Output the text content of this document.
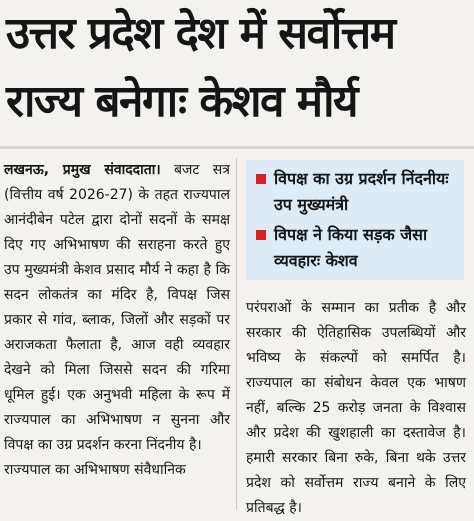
उत्तर प्रदेश देश में सर्वोत्तम
राज्य बनेगाः केशव मौर्य
लखनऊ, प्रमुख संवाददाता। बजट सत्र (वित्तीय वर्ष 2026-27) के तहत राज्यपाल आनंदीबेन पटेल द्वारा दोनों सदनों के समक्ष दिए गए अभिभाषण की सराहना करते हुए उप मुख्यमंत्री केशव प्रसाद मौर्य ने कहा है कि सदन लोकतंत्र का मंदिर है, विपक्ष जिस प्रकार से गांव, ब्लाक, जिलों और सड़कों पर अराजकता फैलाता है, आज वही व्यवहार देखने को मिला जिससे सदन की गरिमा धूमिल हुई। एक अनुभवी महिला के रूप में राज्यपाल का अभिभाषण न सुनना और विपक्ष का उग्र प्रदर्शन करना निंदनीय है।
राज्यपाल का अभिभाषण संवैधानिक
विपक्ष का उग्र प्रदर्शन निंदनीयः उप मुख्यमंत्री
विपक्ष ने किया सड़क जैसा व्यवहारः केशव
परंपराओं के सम्मान का प्रतीक है और सरकार की ऐतिहासिक उपलब्धियों और भविष्य के संकल्पों को समर्पित है। राज्यपाल का संबोधन केवल एक भाषण नहीं, बल्कि 25 करोड़ जनता के विश्वास और प्रदेश की खुशहाली का दस्तावेज है। हमारी सरकार बिना रुके, बिना थके उत्तर प्रदेश को सर्वोत्तम राज्य बनाने के लिए प्रतिबद्ध है।
